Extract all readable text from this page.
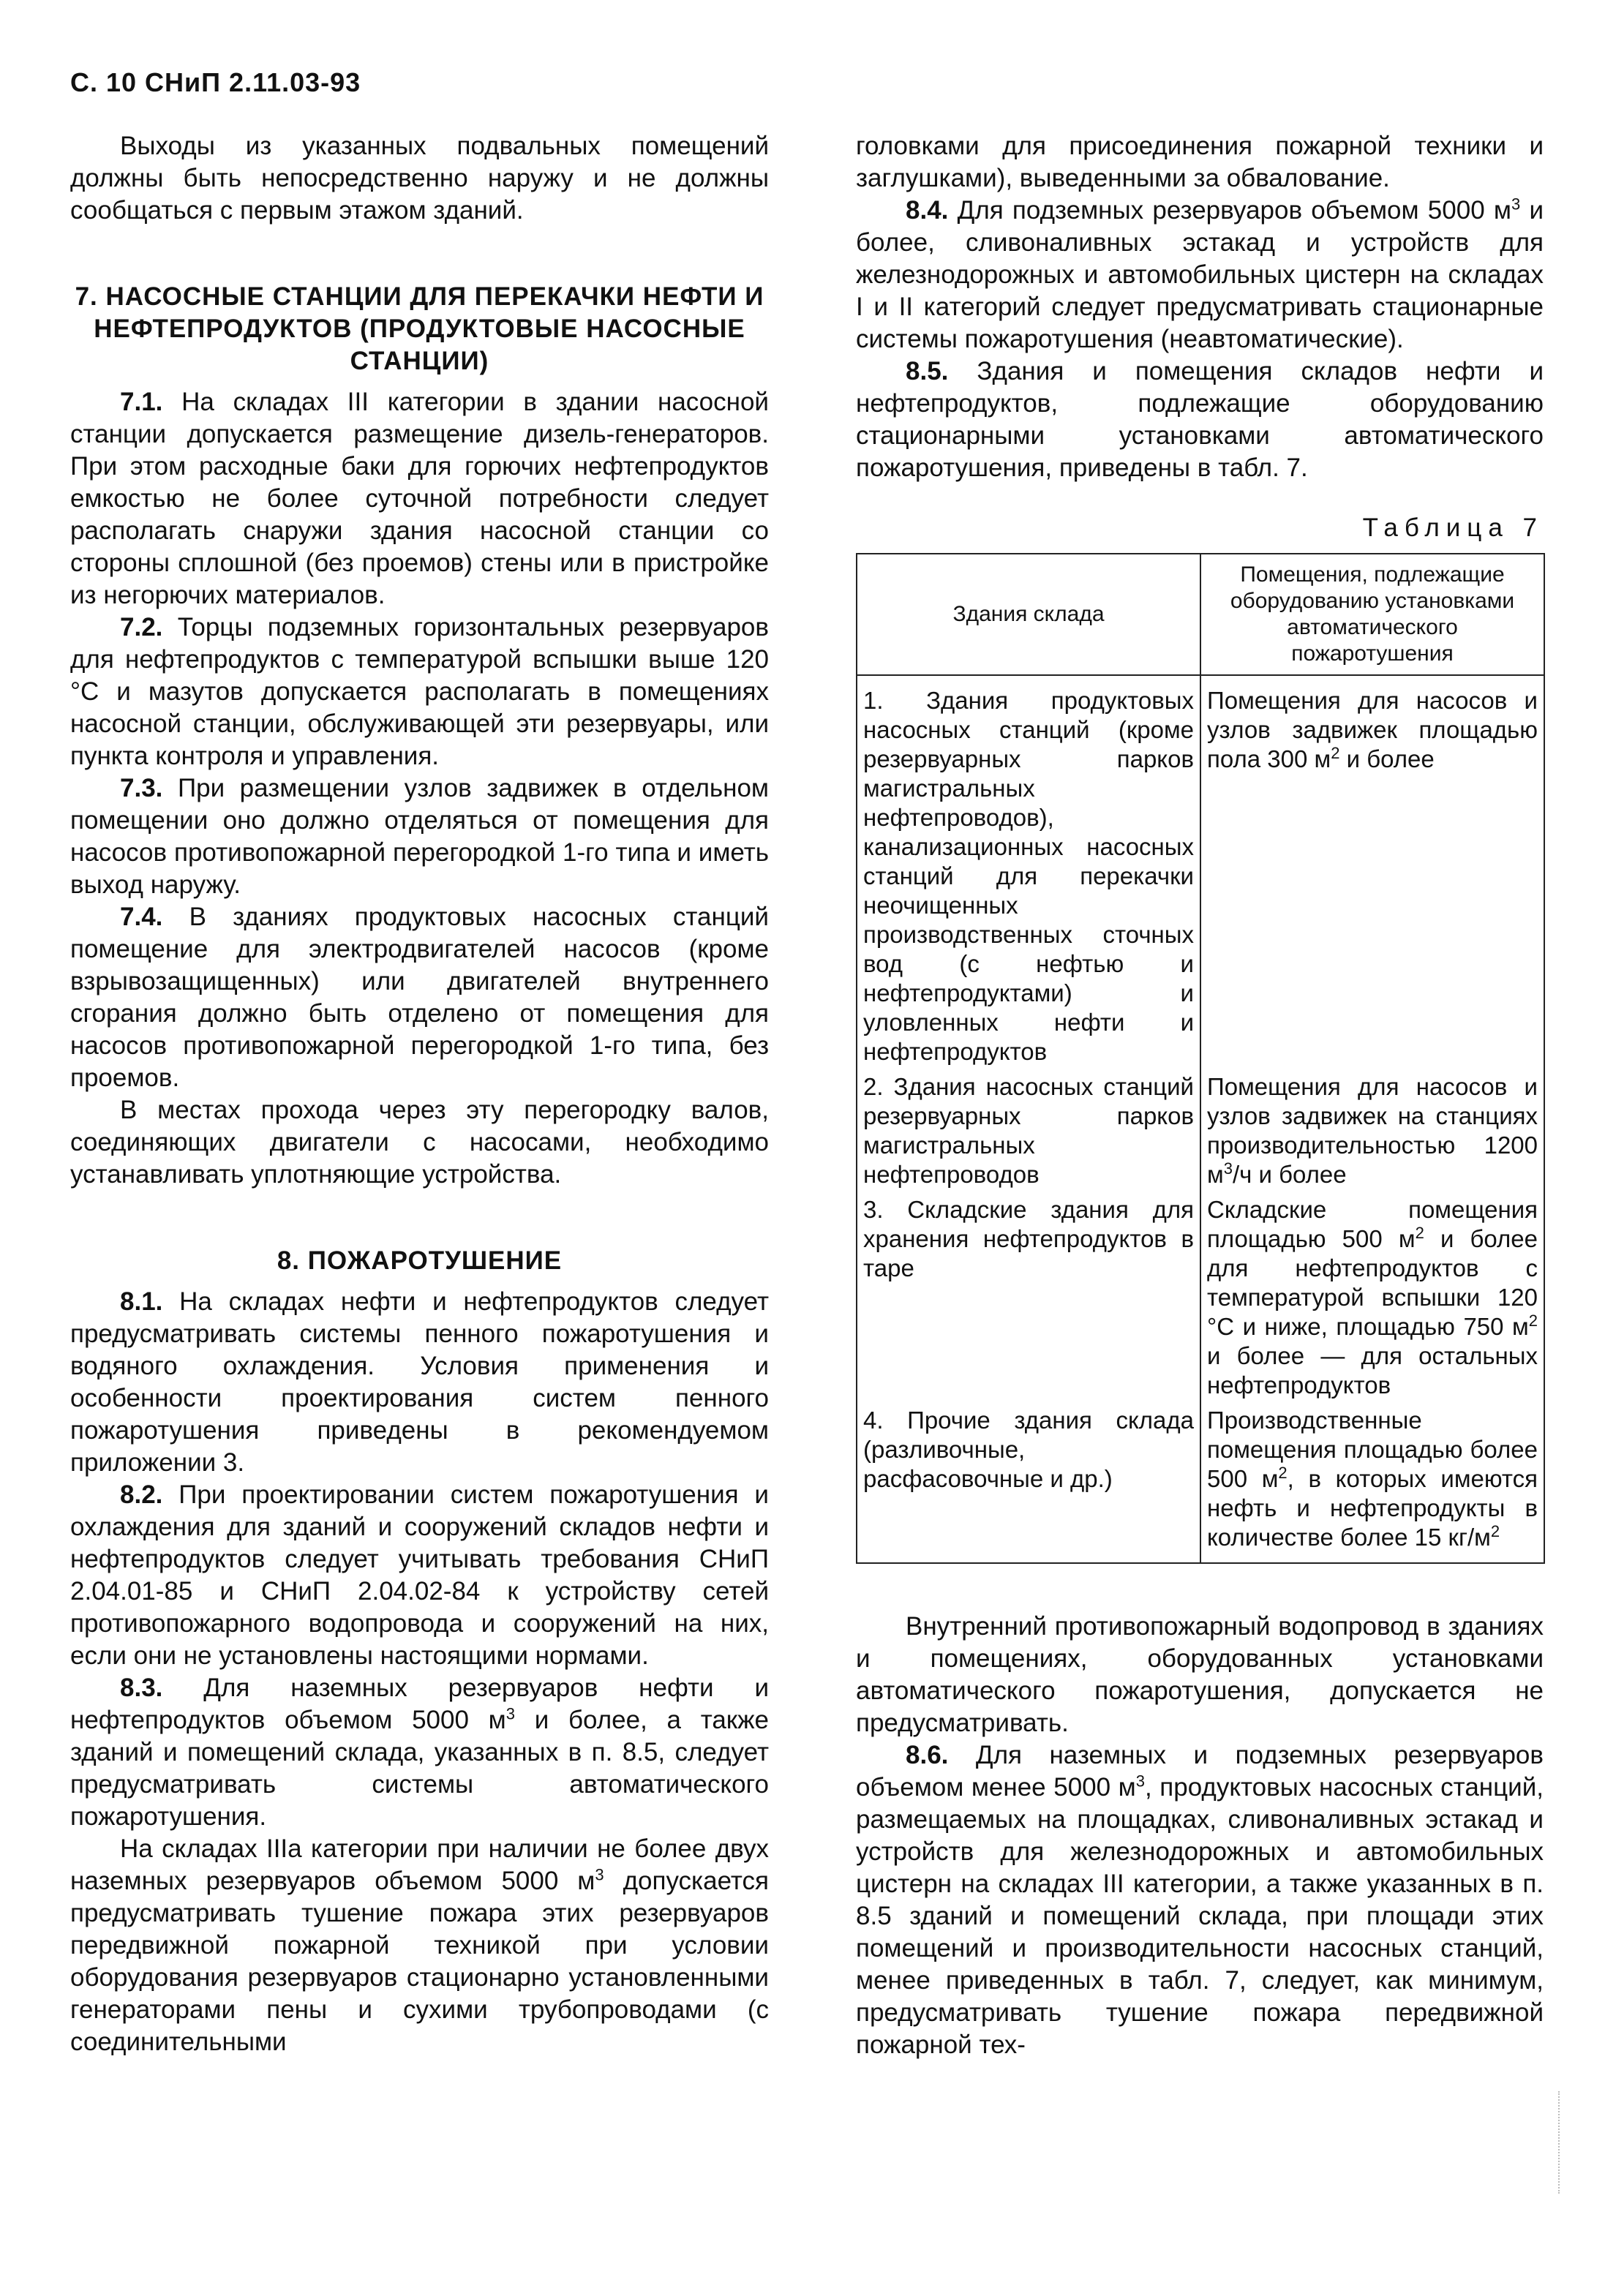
С. 10 СНиП 2.11.03-93

Выходы из указанных подвальных помещений должны быть непосредственно наружу и не должны сообщаться с первым этажом зданий.

7. НАСОСНЫЕ СТАНЦИИ ДЛЯ ПЕРЕКАЧКИ НЕФТИ И НЕФТЕПРОДУКТОВ (ПРОДУКТОВЫЕ НАСОСНЫЕ СТАНЦИИ)

7.1. На складах III категории в здании насосной станции допускается размещение дизель-генераторов. При этом расходные баки для горючих нефтепродуктов емкостью не более суточной потребности следует располагать снаружи здания насосной станции со стороны сплошной (без проемов) стены или в пристройке из негорючих материалов.

7.2. Торцы подземных горизонтальных резервуаров для нефтепродуктов с температурой вспышки выше 120 °С и мазутов допускается располагать в помещениях насосной станции, обслуживающей эти резервуары, или пункта контроля и управления.

7.3. При размещении узлов задвижек в отдельном помещении оно должно отделяться от помещения для насосов противопожарной перегородкой 1-го типа и иметь выход наружу.

7.4. В зданиях продуктовых насосных станций помещение для электродвигателей насосов (кроме взрывозащищенных) или двигателей внутреннего сгорания должно быть отделено от помещения для насосов противопожарной перегородкой 1-го типа, без проемов.

В местах прохода через эту перегородку валов, соединяющих двигатели с насосами, необходимо устанавливать уплотняющие устройства.

8. ПОЖАРОТУШЕНИЕ

8.1. На складах нефти и нефтепродуктов следует предусматривать системы пенного пожаротушения и водяного охлаждения. Условия применения и особенности проектирования систем пенного пожаротушения приведены в рекомендуемом приложении 3.

8.2. При проектировании систем пожаротушения и охлаждения для зданий и сооружений складов нефти и нефтепродуктов следует учитывать требования СНиП 2.04.01-85 и СНиП 2.04.02-84 к устройству сетей противопожарного водопровода и сооружений на них, если они не установлены настоящими нормами.

8.3. Для наземных резервуаров нефти и нефтепродуктов объемом 5000 $м^3$ и более, а также зданий и помещений склада, указанных в п. 8.5, следует предусматривать системы автоматического пожаротушения.

На складах IIIа категории при наличии не более двух наземных резервуаров объемом 5000 $м^3$ допускается предусматривать тушение пожара этих резервуаров передвижной пожарной техникой при условии оборудования резервуаров стационарно установленными генераторами пены и сухими трубопроводами (с соединительными

головками для присоединения пожарной техники и заглушками), выведенными за обвалование.

8.4. Для подземных резервуаров объемом 5000 $м^3$ и более, сливоналивных эстакад и устройств для железнодорожных и автомобильных цистерн на складах I и II категорий следует предусматривать стационарные системы пожаротушения (неавтоматические).

8.5. Здания и помещения складов нефти и нефтепродуктов, подлежащие оборудованию стационарными установками автоматического пожаротушения, приведены в табл. 7.

Таблица 7
Здания склада	Помещения, подлежащие оборудованию установками автоматического пожаротушения
1. Здания продуктовых насосных станций (кроме резервуарных парков магистральных нефтепроводов), канализационных насосных станций для перекачки неочищенных производственных сточных вод (с нефтью и нефтепродуктами) и уловленных нефти и нефтепродуктов	Помещения для насосов и узлов задвижек площадью пола 300 $м^2$ и более
2. Здания насосных станций резервуарных парков магистральных нефтепроводов	Помещения для насосов и узлов задвижек на станциях производительностью 1200 $м^3/ч$ и более
3. Складские здания для хранения нефтепродуктов в таре	Складские помещения площадью 500 $м^2$ и более для нефтепродуктов с температурой вспышки 120 °С и ниже, площадью 750 $м^2$ и более — для остальных нефтепродуктов
4. Прочие здания склада (разливочные, расфасовочные и др.)	Производственные помещения площадью более 500 $м^2$, в которых имеются нефть и нефтепродукты в количестве более 15 $кг/м^2$

Внутренний противопожарный водопровод в зданиях и помещениях, оборудованных установками автоматического пожаротушения, допускается не предусматривать.

8.6. Для наземных и подземных резервуаров объемом менее 5000 $м^3$, продуктовых насосных станций, размещаемых на площадках, сливоналивных эстакад и устройств для железнодорожных и автомобильных цистерн на складах III категории, а также указанных в п. 8.5 зданий и помещений склада, при площади этих помещений и производительности насосных станций, менее приведенных в табл. 7, следует, как минимум, предусматривать тушение пожара передвижной пожарной тех-
